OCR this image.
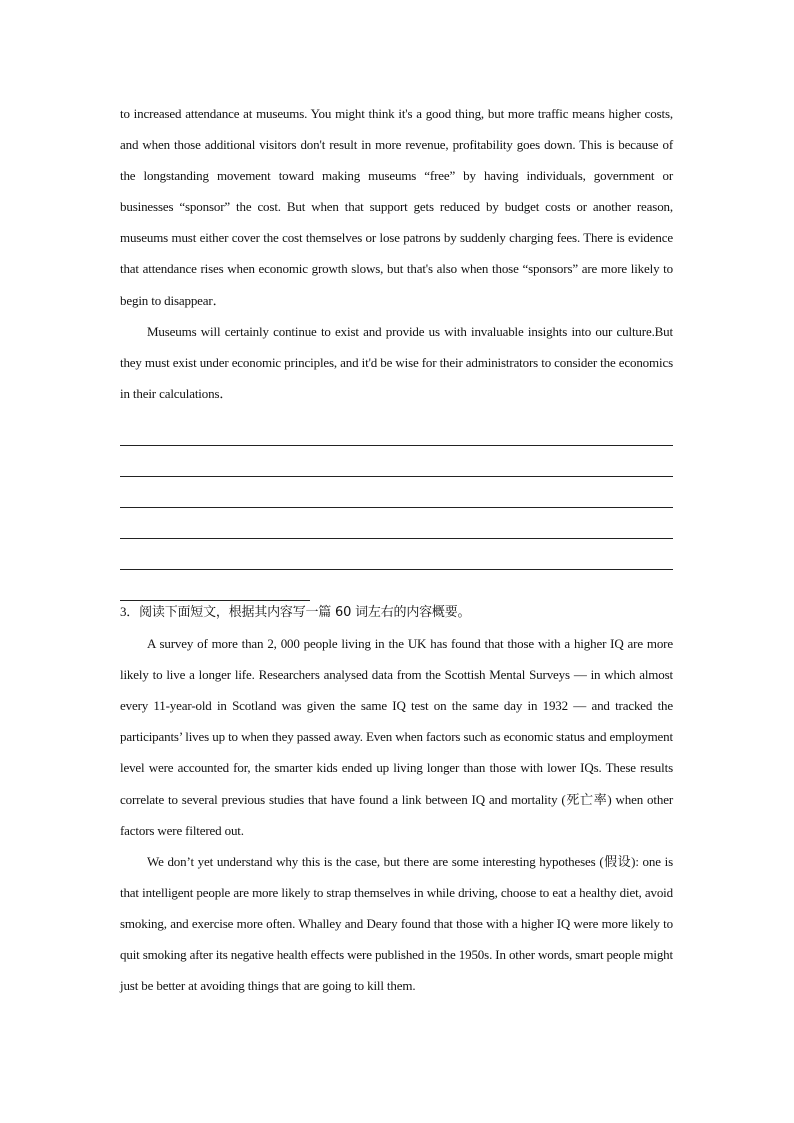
to increased attendance at museums. You might think it's a good thing, but more traffic means higher costs, and when those additional visitors don't result in more revenue, profitability goes down. This is because of the longstanding movement toward making museums “free” by having individuals, government or businesses “sponsor” the cost. But when that support gets reduced by budget costs or another reason, museums must either cover the cost themselves or lose patrons by suddenly charging fees. There is evidence that attendance rises when economic growth slows, but that's also when those “sponsors” are more likely to begin to disappear．

Museums will certainly continue to exist and provide us with invaluable insights into our culture.But they must exist under economic principles, and it'd be wise for their administrators to consider the economics in their calculations．

3．阅读下面短文，根据其内容写一篇 60 词左右的内容概要。

A survey of more than 2, 000 people living in the UK has found that those with a higher IQ are more likely to live a longer life. Researchers analysed data from the Scottish Mental Surveys — in which almost every 11-year-old in Scotland was given the same IQ test on the same day in 1932 — and tracked the participants’ lives up to when they passed away. Even when factors such as economic status and employment level were accounted for, the smarter kids ended up living longer than those with lower IQs. These results correlate to several previous studies that have found a link between IQ and mortality (死亡率) when other factors were filtered out.

We don’t yet understand why this is the case, but there are some interesting hypotheses (假设): one is that intelligent people are more likely to strap themselves in while driving, choose to eat a healthy diet, avoid smoking, and exercise more often. Whalley and Deary found that those with a higher IQ were more likely to quit smoking after its negative health effects were published in the 1950s. In other words, smart people might just be better at avoiding things that are going to kill them.
